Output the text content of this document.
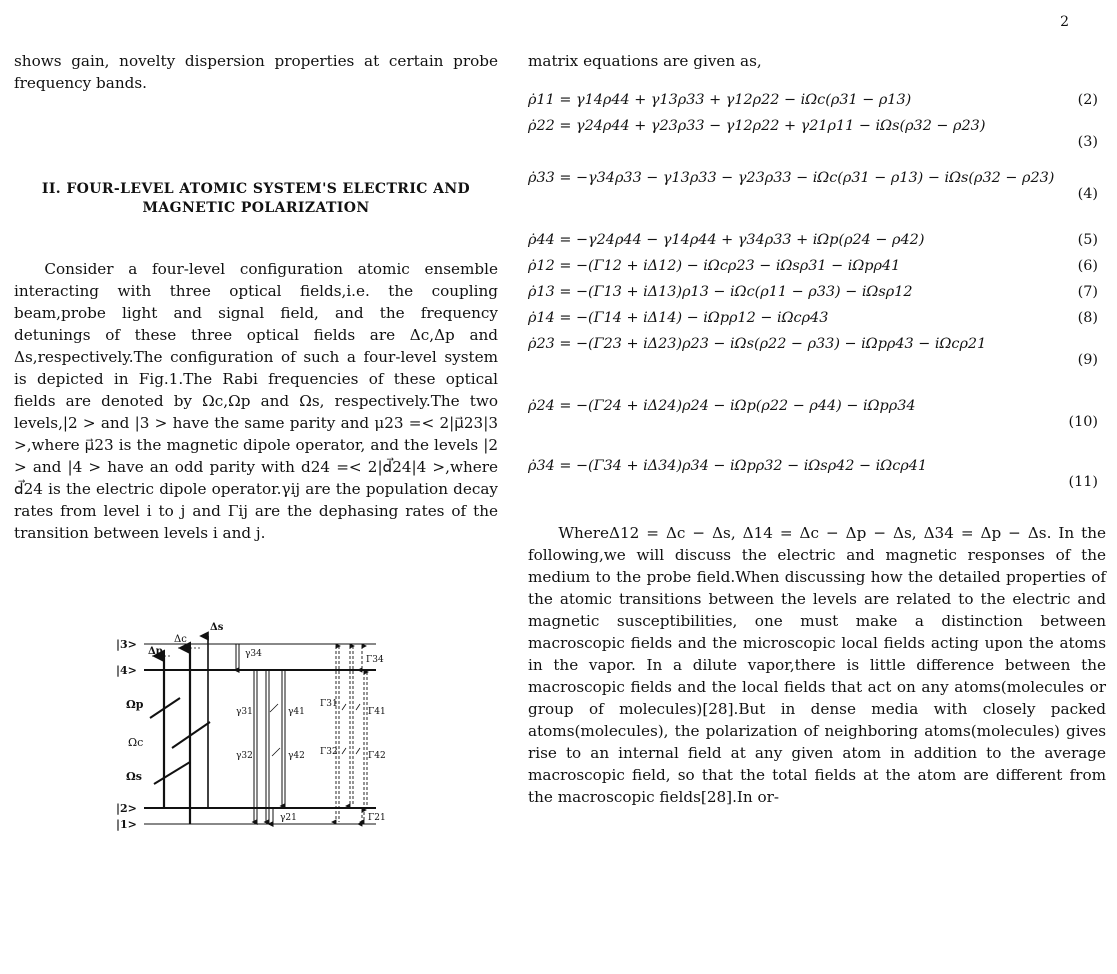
2

shows gain, novelty dispersion properties at certain probe frequency bands.

II. FOUR-LEVEL ATOMIC SYSTEM'S ELECTRIC AND MAGNETIC POLARIZATION

Consider a four-level configuration atomic ensemble interacting with three optical fields,i.e. the coupling beam,probe light and signal field, and the frequency detunings of these three optical fields are Δc,Δp and Δs,respectively.The configuration of such a four-level system is depicted in Fig.1.The Rabi frequencies of these optical fields are denoted by Ωc,Ωp and Ωs, respectively.The two levels,|2 > and |3 > have the same parity and μ23 =< 2|μ⃗23|3 >,where μ⃗23 is the magnetic dipole operator, and the levels |2 > and |4 > have an odd parity with d24 =< 2|d⃗24|4 >,where d⃗24 is the electric dipole operator.γij are the population decay rates from level i to j and Γij are the dephasing rates of the transition between levels i and j.

|3>
|4>
|2>
|1>
Δs
Δp
Δc
Ωp
Ωc
Ωs
γ34
γ31
γ32
γ41
γ42
γ21
Γ34
Γ31
Γ41
Γ32	Γ42
Γ21

matrix equations are given as,

ρ̇11 = γ14ρ44 + γ13ρ33 + γ12ρ22 − iΩc(ρ31 − ρ13)	(2)
ρ̇22 = γ24ρ44 + γ23ρ33 − γ12ρ22 + γ21ρ11 − iΩs(ρ32 − ρ23)
(3)
ρ̇33 = −γ34ρ33 − γ13ρ33 − γ23ρ33 − iΩc(ρ31 − ρ13) − iΩs(ρ32 − ρ23)
(4)
ρ̇44 = −γ24ρ44 − γ14ρ44 + γ34ρ33 + iΩp(ρ24 − ρ42)	(5)
ρ̇12 = −(Γ12 + iΔ12) − iΩcρ23 − iΩsρ31 − iΩpρ41	(6)
ρ̇13 = −(Γ13 + iΔ13)ρ13 − iΩc(ρ11 − ρ33) − iΩsρ12	(7)
ρ̇14 = −(Γ14 + iΔ14) − iΩpρ12 − iΩcρ43	(8)
ρ̇23 = −(Γ23 + iΔ23)ρ23 − iΩs(ρ22 − ρ33) − iΩpρ43 − iΩcρ21
(9)
ρ̇24 = −(Γ24 + iΔ24)ρ24 − iΩp(ρ22 − ρ44) − iΩpρ34
(10)
ρ̇34 = −(Γ34 + iΔ34)ρ34 − iΩpρ32 − iΩsρ42 − iΩcρ41
(11)

WhereΔ12 = Δc − Δs, Δ14 = Δc − Δp − Δs, Δ34 = Δp − Δs. In the following,we will discuss the electric and magnetic responses of the medium to the probe field.When discussing how the detailed properties of the atomic transitions between the levels are related to the electric and magnetic susceptibilities, one must make a distinction between macroscopic fields and the microscopic local fields acting upon the atoms in the vapor. In a dilute vapor,there is little difference between the macroscopic fields and the local fields that act on any atoms(molecules or group of molecules)[28].But in dense media with closely packed atoms(molecules), the polarization of neighboring atoms(molecules) gives rise to an internal field at any given atom in addition to the average macroscopic field, so that the total fields at the atom are different from the macroscopic fields[28].In or-
